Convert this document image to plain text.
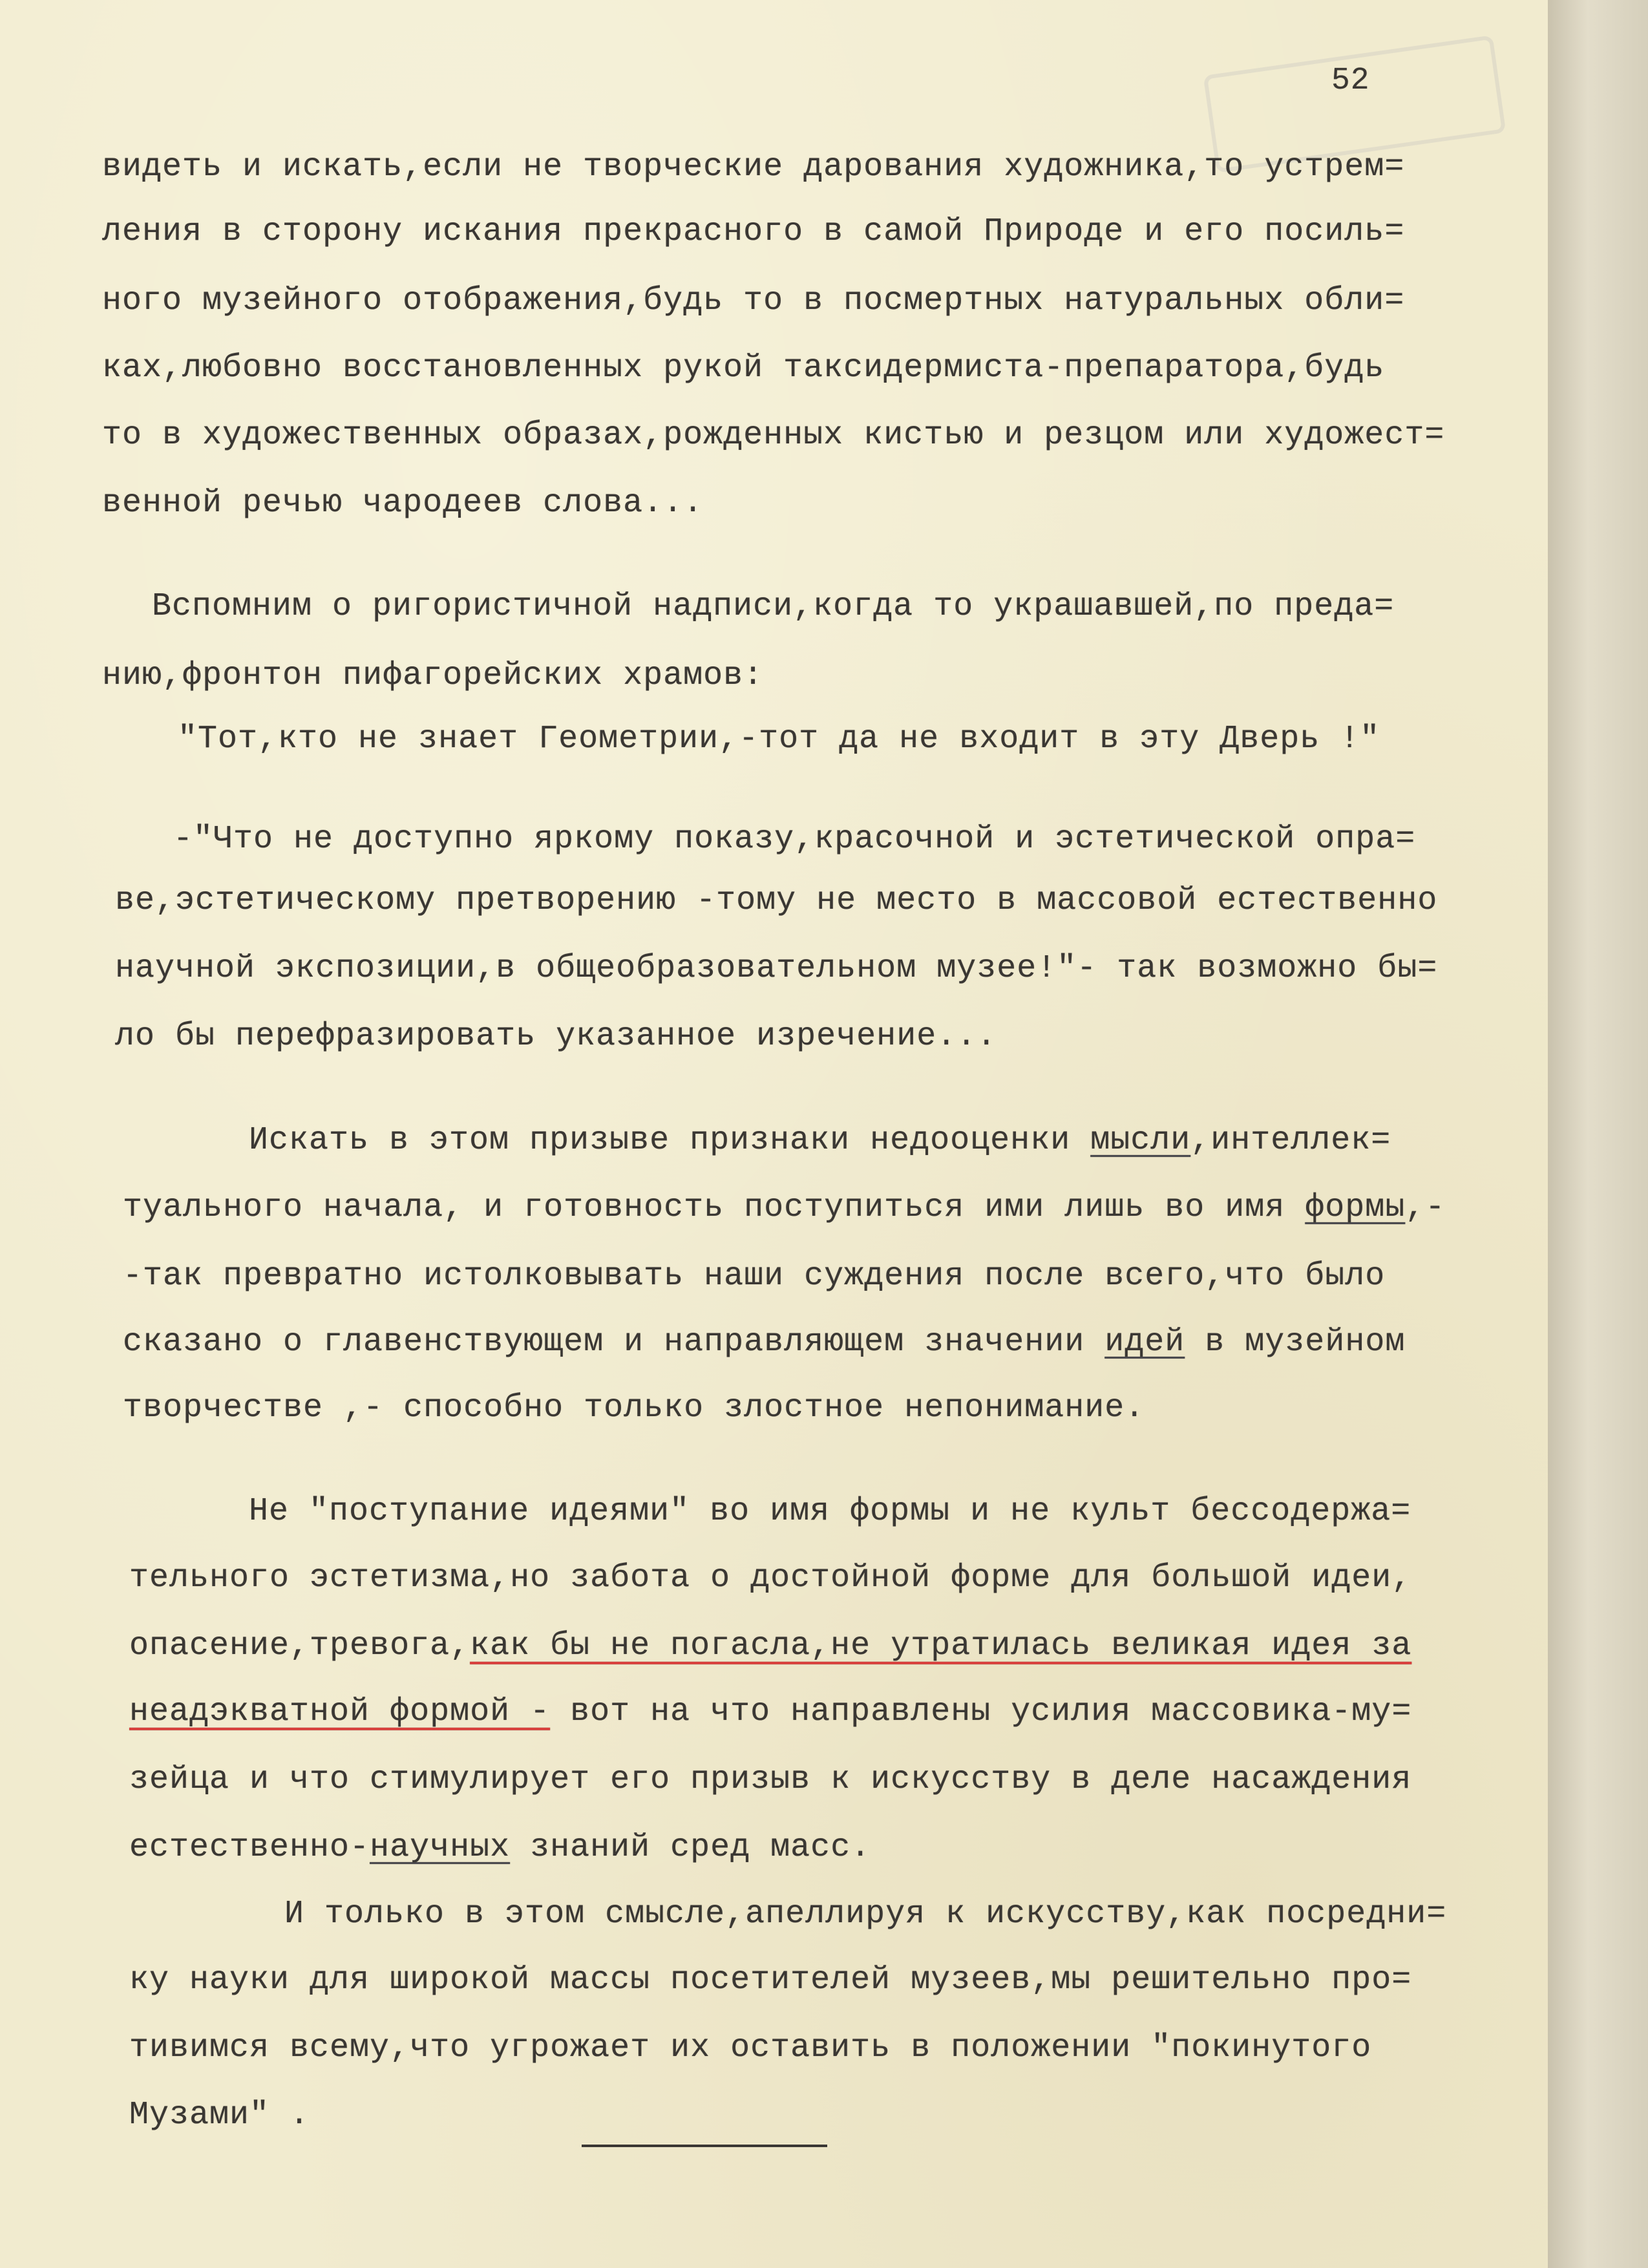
52
видеть и искать,если не творческие дарования художника,то устрем=
ления в сторону искания прекрасного в самой Природе и его посиль=
ного музейного отображения,будь то в посмертных натуральных обли=
ках,любовно восстановленных рукой таксидермиста-препаратора,будь
то в художественных образах,рожденных кистью и резцом или художест=
венной речью чародеев слова...
Вспомним о ригористичной надписи,когда то украшавшей,по преда=
нию,фронтон пифагорейских храмов:
"Тот,кто не знает Геометрии,-тот да не входит в эту Дверь !"
-"Что не доступно яркому показу,красочной и эстетической опра=
ве,эстетическому претворению -тому не место в массовой естественно
научной экспозиции,в общеобразовательном музее!"- так возможно бы=
ло бы перефразировать указанное изречение...
Искать в этом призыве признаки недооценки мысли,интеллек=
туального начала, и готовность поступиться ими лишь во имя формы,-
-так превратно истолковывать наши суждения после всего,что было
сказано о главенствующем и направляющем значении идей в музейном
творчестве ,- способно только злостное непонимание.
Не "поступание идеями" во имя формы и не культ бессодержа=
тельного эстетизма,но забота о достойной форме для большой идеи,
опасение,тревога,как бы не погасла,не утратилась великая идея за
неадэкватной формой - вот на что направлены усилия массовика-му=
зейца и что стимулирует его призыв к искусству в деле насаждения
естественно-научных знаний сред масс.
И только в этом смысле,апеллируя к искусству,как посредни=
ку науки для широкой массы посетителей музеев,мы решительно про=
тивимся всему,что угрожает их оставить в положении "покинутого
Музами" .
